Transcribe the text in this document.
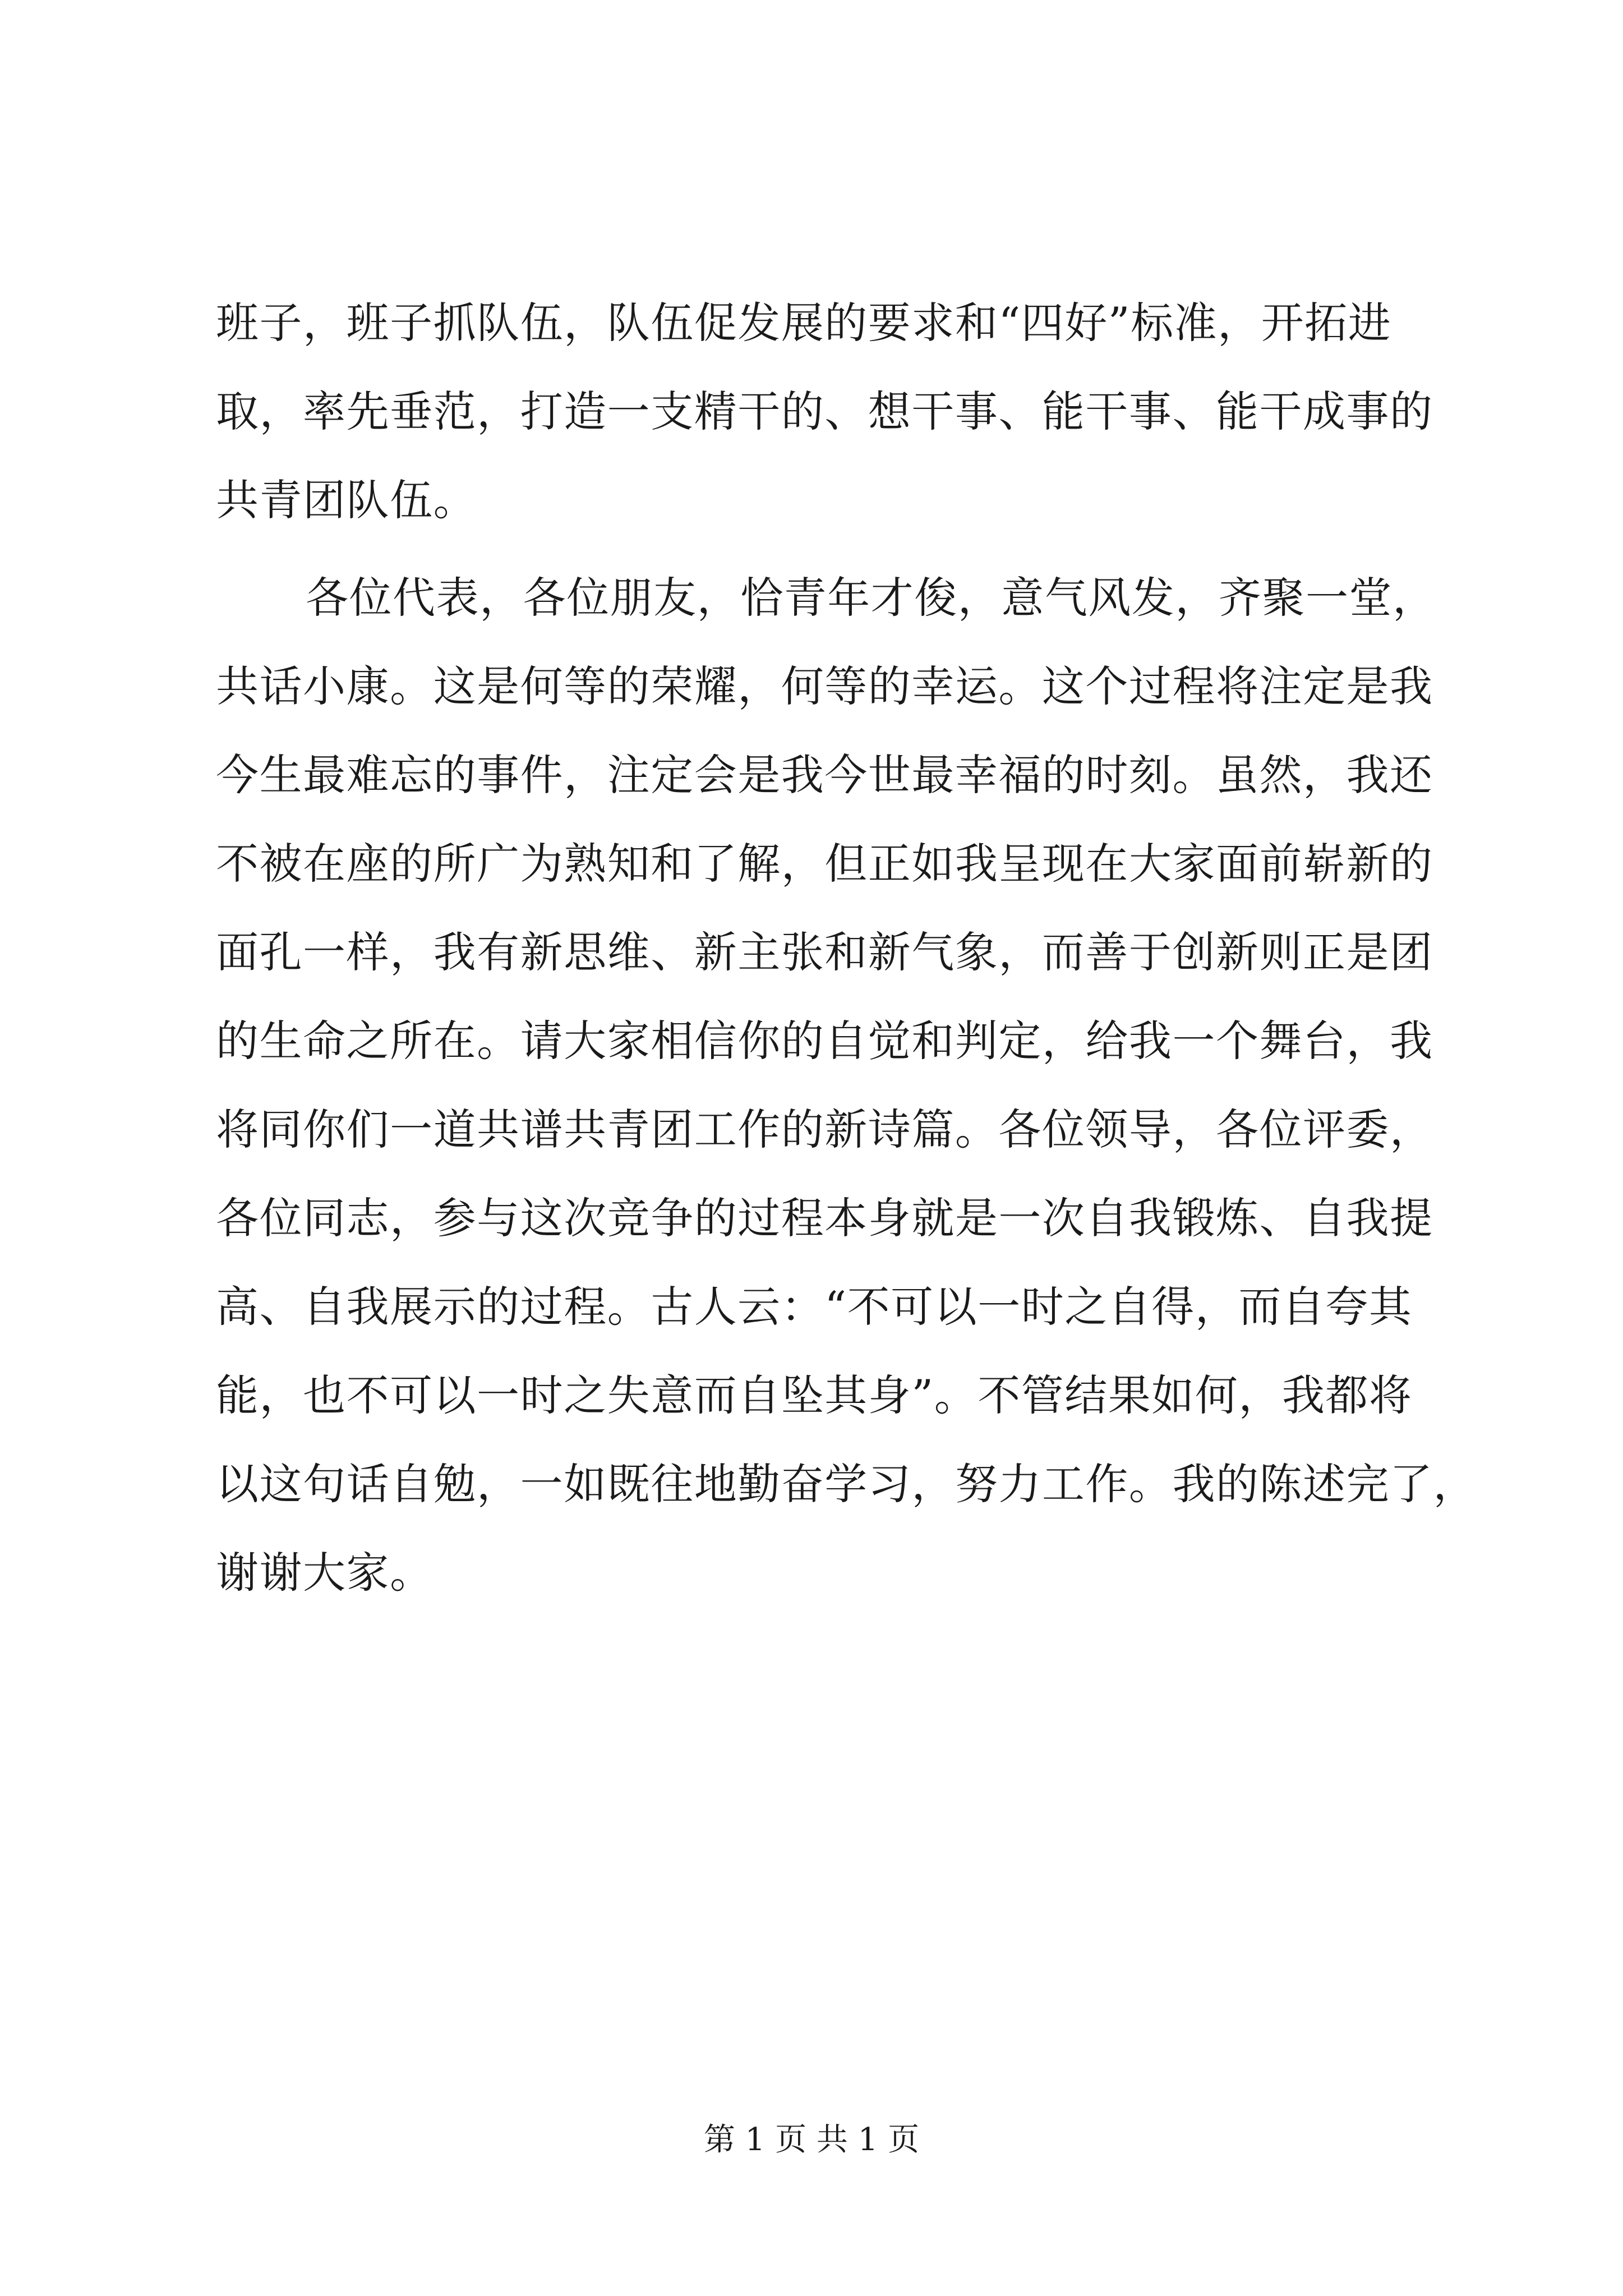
班子，班子抓队伍，队伍促发展的要求和“四好”标准，开拓进
取，率先垂范，打造一支精干的、想干事、能干事、能干成事的
共青团队伍。
各位代表，各位朋友，恰青年才俊，意气风发，齐聚一堂，
共话小康。这是何等的荣耀，何等的幸运。这个过程将注定是我
今生最难忘的事件，注定会是我今世最幸福的时刻。虽然，我还
不被在座的所广为熟知和了解，但正如我呈现在大家面前崭新的
面孔一样，我有新思维、新主张和新气象，而善于创新则正是团
的生命之所在。请大家相信你的自觉和判定，给我一个舞台，我
将同你们一道共谱共青团工作的新诗篇。各位领导，各位评委，
各位同志，参与这次竞争的过程本身就是一次自我锻炼、自我提
高、自我展示的过程。古人云：“不可以一时之自得，而自夸其
能，也不可以一时之失意而自坠其身”。不管结果如何，我都将
以这句话自勉，一如既往地勤奋学习，努力工作。我的陈述完了，
谢谢大家。
第 1 页 共 1 页
